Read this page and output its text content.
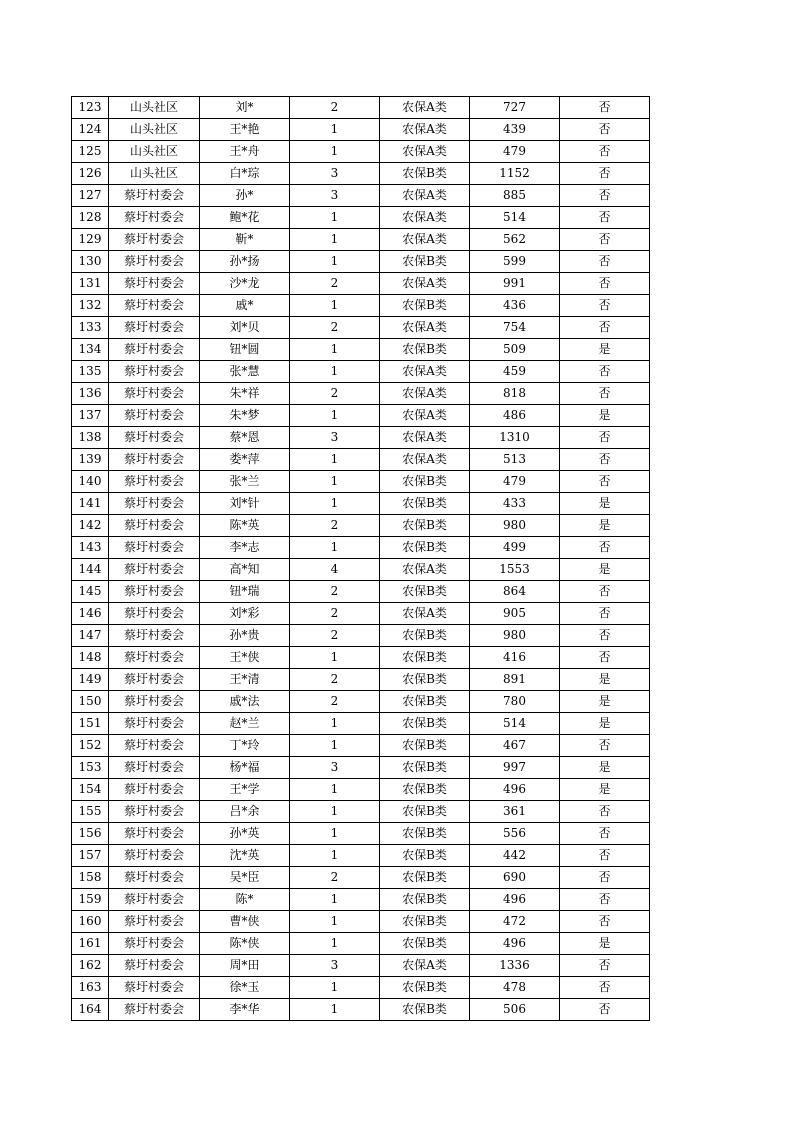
123	山头社区	刘*	2	农保A类	727	否
124	山头社区	王*艳	1	农保A类	439	否
125	山头社区	王*舟	1	农保A类	479	否
126	山头社区	白*琮	3	农保B类	1152	否
127	蔡圩村委会	孙*	3	农保A类	885	否
128	蔡圩村委会	鲍*花	1	农保A类	514	否
129	蔡圩村委会	靳*	1	农保A类	562	否
130	蔡圩村委会	孙*扬	1	农保B类	599	否
131	蔡圩村委会	沙*龙	2	农保A类	991	否
132	蔡圩村委会	戚*	1	农保B类	436	否
133	蔡圩村委会	刘*贝	2	农保A类	754	否
134	蔡圩村委会	钮*圆	1	农保B类	509	是
135	蔡圩村委会	张*慧	1	农保A类	459	否
136	蔡圩村委会	朱*祥	2	农保A类	818	否
137	蔡圩村委会	朱*梦	1	农保A类	486	是
138	蔡圩村委会	蔡*恩	3	农保A类	1310	否
139	蔡圩村委会	娄*萍	1	农保A类	513	否
140	蔡圩村委会	张*兰	1	农保B类	479	否
141	蔡圩村委会	刘*针	1	农保B类	433	是
142	蔡圩村委会	陈*英	2	农保B类	980	是
143	蔡圩村委会	李*志	1	农保B类	499	否
144	蔡圩村委会	高*知	4	农保A类	1553	是
145	蔡圩村委会	钮*瑞	2	农保B类	864	否
146	蔡圩村委会	刘*彩	2	农保A类	905	否
147	蔡圩村委会	孙*贵	2	农保B类	980	否
148	蔡圩村委会	王*侠	1	农保B类	416	否
149	蔡圩村委会	王*清	2	农保B类	891	是
150	蔡圩村委会	戚*法	2	农保B类	780	是
151	蔡圩村委会	赵*兰	1	农保B类	514	是
152	蔡圩村委会	丁*玲	1	农保B类	467	否
153	蔡圩村委会	杨*福	3	农保B类	997	是
154	蔡圩村委会	王*学	1	农保B类	496	是
155	蔡圩村委会	吕*余	1	农保B类	361	否
156	蔡圩村委会	孙*英	1	农保B类	556	否
157	蔡圩村委会	沈*英	1	农保B类	442	否
158	蔡圩村委会	吴*臣	2	农保B类	690	否
159	蔡圩村委会	陈*	1	农保B类	496	否
160	蔡圩村委会	曹*侠	1	农保B类	472	否
161	蔡圩村委会	陈*侠	1	农保B类	496	是
162	蔡圩村委会	周*田	3	农保A类	1336	否
163	蔡圩村委会	徐*玉	1	农保B类	478	否
164	蔡圩村委会	李*华	1	农保B类	506	否
